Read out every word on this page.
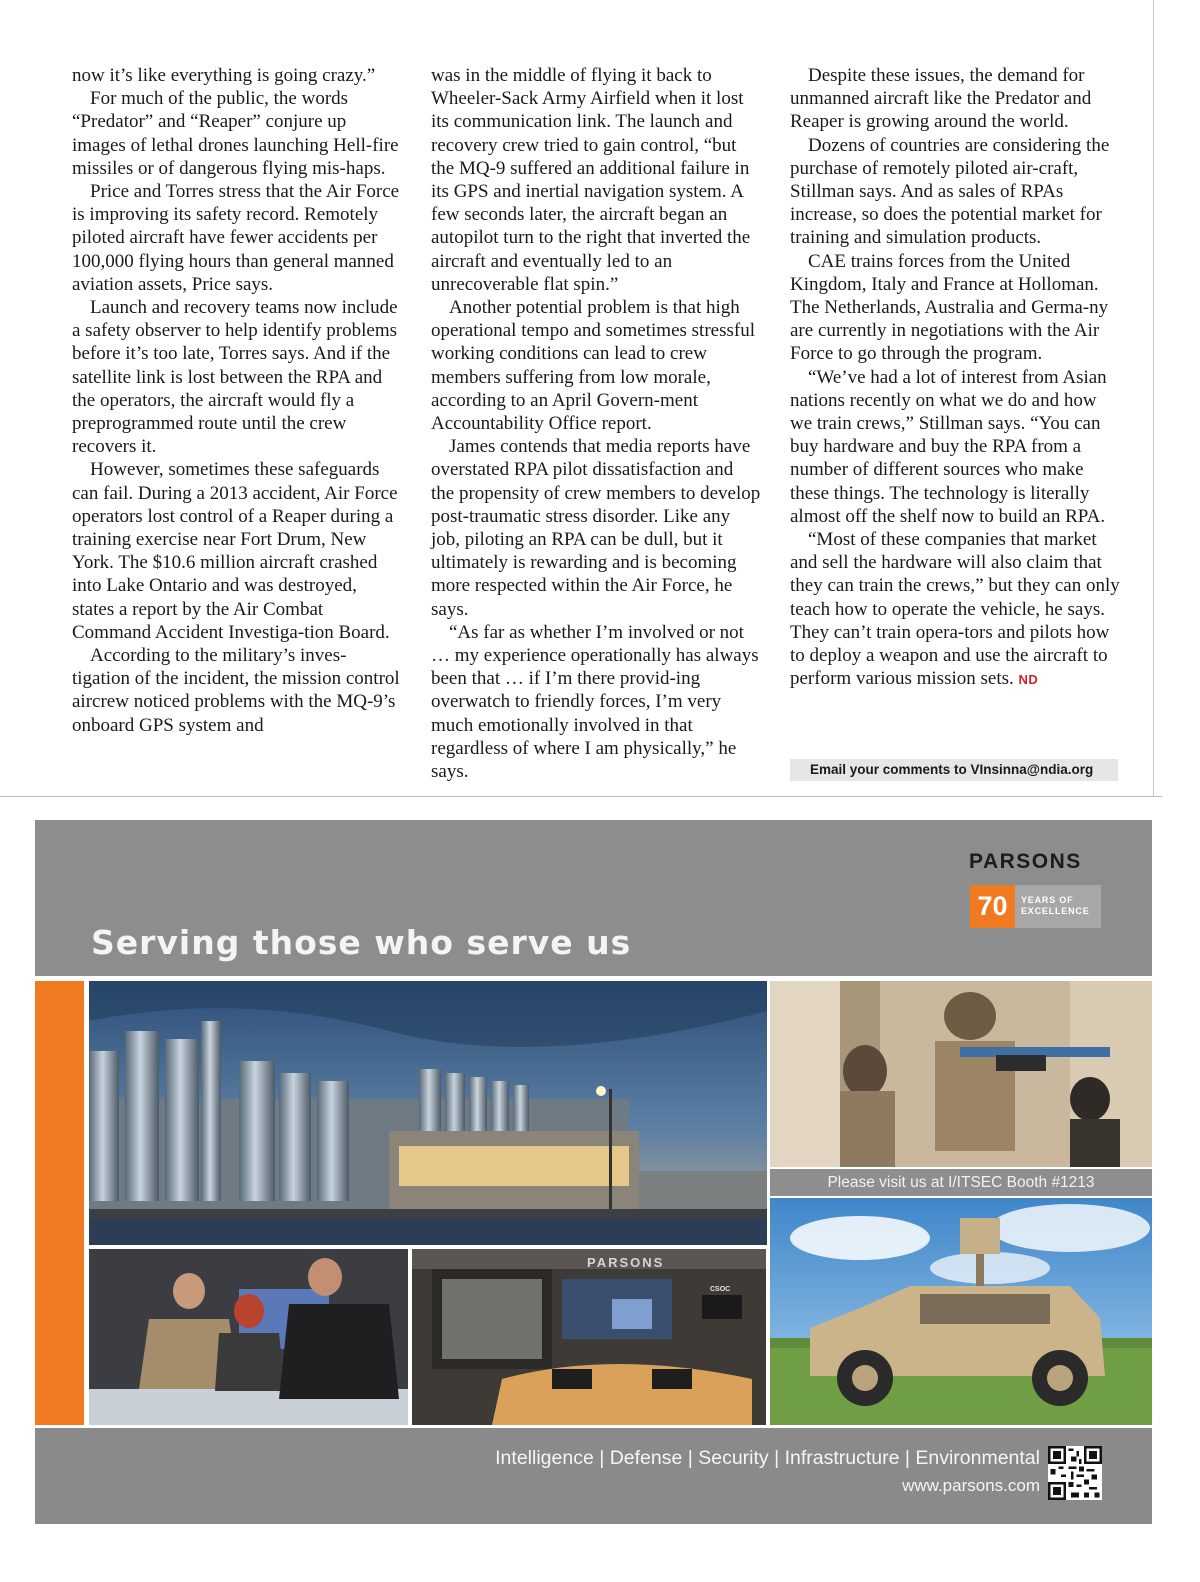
now it’s like everything is going crazy.”

For much of the public, the words “Predator” and “Reaper” conjure up images of lethal drones launching Hell-fire missiles or of dangerous flying mis-haps.

Price and Torres stress that the Air Force is improving its safety record. Remotely piloted aircraft have fewer accidents per 100,000 flying hours than general manned aviation assets, Price says.

Launch and recovery teams now include a safety observer to help identify problems before it’s too late, Torres says. And if the satellite link is lost between the RPA and the operators, the aircraft would fly a preprogrammed route until the crew recovers it.

However, sometimes these safeguards can fail. During a 2013 accident, Air Force operators lost control of a Reaper during a training exercise near Fort Drum, New York. The $10.6 million aircraft crashed into Lake Ontario and was destroyed, states a report by the Air Combat Command Accident Investiga-tion Board.

According to the military’s inves-tigation of the incident, the mission control aircrew noticed problems with the MQ-9’s onboard GPS system and

was in the middle of flying it back to Wheeler-Sack Army Airfield when it lost its communication link. The launch and recovery crew tried to gain control, “but the MQ-9 suffered an additional failure in its GPS and inertial navigation system. A few seconds later, the aircraft began an autopilot turn to the right that inverted the aircraft and eventually led to an unrecoverable flat spin.”

Another potential problem is that high operational tempo and sometimes stressful working conditions can lead to crew members suffering from low morale, according to an April Govern-ment Accountability Office report.

James contends that media reports have overstated RPA pilot dissatisfaction and the propensity of crew members to develop post-traumatic stress disorder. Like any job, piloting an RPA can be dull, but it ultimately is rewarding and is becoming more respected within the Air Force, he says.

“As far as whether I’m involved or not … my experience operationally has always been that … if I’m there provid-ing overwatch to friendly forces, I’m very much emotionally involved in that regardless of where I am physically,” he says.

Despite these issues, the demand for unmanned aircraft like the Predator and Reaper is growing around the world.

Dozens of countries are considering the purchase of remotely piloted air-craft, Stillman says. And as sales of RPAs increase, so does the potential market for training and simulation products.

CAE trains forces from the United Kingdom, Italy and France at Holloman. The Netherlands, Australia and Germa-ny are currently in negotiations with the Air Force to go through the program.

“We’ve had a lot of interest from Asian nations recently on what we do and how we train crews,” Stillman says. “You can buy hardware and buy the RPA from a number of different sources who make these things. The technology is literally almost off the shelf now to build an RPA.

“Most of these companies that market and sell the hardware will also claim that they can train the crews,” but they can only teach how to operate the vehicle, he says. They can’t train opera-tors and pilots how to deploy a weapon and use the aircraft to perform various mission sets. ND

Email your comments to VInsinna@ndia.org
PARSONS
70	YEARS OF
EXCELLENCE
Serving those who serve us
Please visit us at I/ITSEC Booth #1213
PARSONS
CSOC
Intelligence | Defense | Security | Infrastructure | Environmental
www.parsons.com
